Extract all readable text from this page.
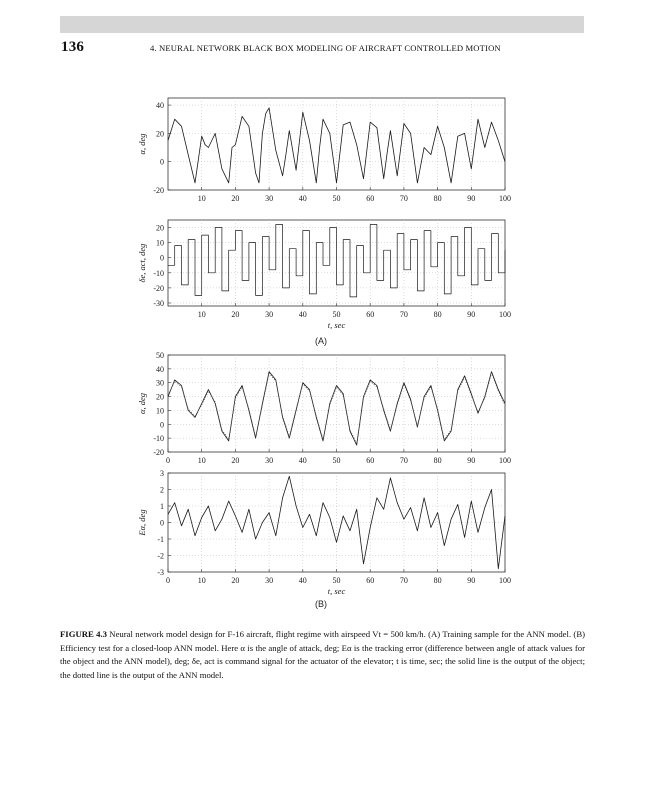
136	4. NEURAL NETWORK BLACK BOX MODELING OF AIRCRAFT CONTROLLED MOTION
(A)
(B)
10	20	30	40	50	60	70	80	90	100
-20
0
20
40
α, deg
10	20	30	40	50	60	70	80	90	100
-30
-20
-10
0
10
20
δe, act, deg
t, sec
0	10	20	30	40	50	60	70	80	90	100
-20
-10
0
10
20
30
40
50
α, deg
0	10	20	30	40	50	60	70	80	90	100
-3
-2
-1
0
1
2
3
Eα, deg
t, sec
FIGURE 4.3 Neural network model design for F-16 aircraft, flight regime with airspeed Vt = 500 km/h. (A) Training sample for the ANN model. (B) Efficiency test for a closed-loop ANN model. Here α is the angle of attack, deg; Eα is the tracking error (difference between angle of attack values for the object and the ANN model), deg; δe, act is command signal for the actuator of the elevator; t is time, sec; the solid line is the output of the object; the dotted line is the output of the ANN model.
